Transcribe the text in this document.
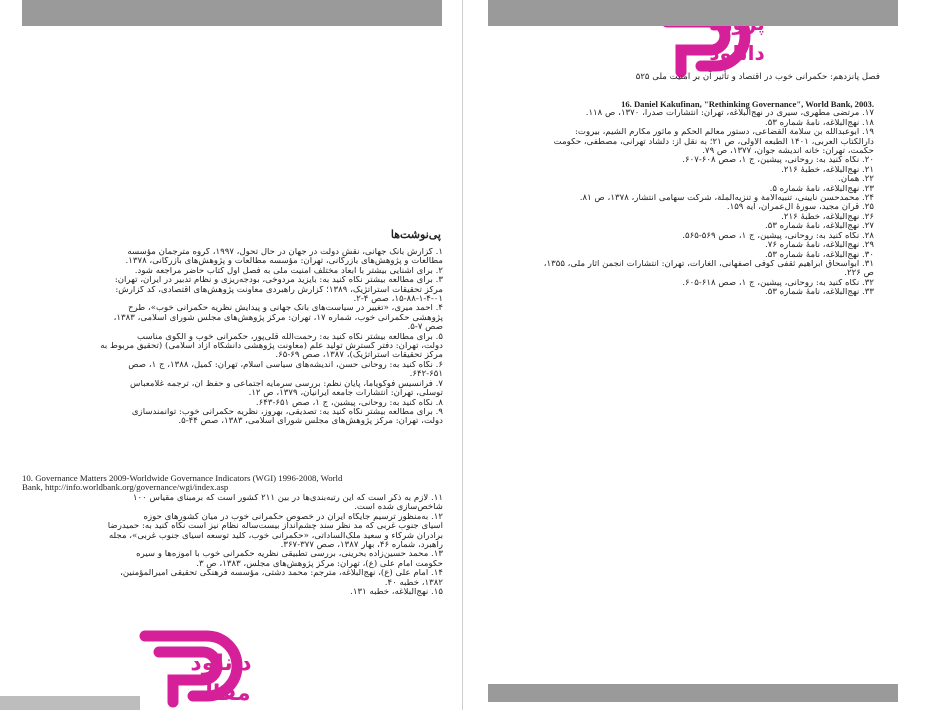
پی‌نوشت‌ها
۱. گزارش بانک جهانی، نقش دولت در جهان در حال تحول، ۱۹۹۷، گروه مترجمان مؤسسه
مطالعات و پژوهش‌های بازرگانی، تهران: مؤسسه مطالعات و پژوهش‌های بازرگانی، ۱۳۷۸.
۲. برای آشنایی بیشتر با ابعاد مختلف امنیت ملی به فصل اول کتاب حاضر مراجعه شود.
۳. برای مطالعه بیشتر نگاه کنید به: بایزید مردوخی، بودجه‌ریزی و نظام تدبیر در ایران، تهران:
مرکز تحقیقات استراتژیک، ۱۳۸۹؛ گزارش راهبردی معاونت پژوهش‌های اقتصادی، کد گزارش:
۱۵-۸۸-۱-۴-۰۱، صص ۴-۲.
۴. احمد میری، «تغییر در سیاست‌های بانک جهانی و پیدایش نظریه حکمرانی خوب»، طرح
پژوهشی حکمرانی خوب، شماره ۱۷، تهران: مرکز پژوهش‌های مجلس شورای اسلامی، ۱۳۸۳،
صص ۷-۵.
۵. برای مطالعه بیشتر نگاه کنید به: رحمت‌الله قلی‌پور، حکمرانی خوب و الگوی مناسب
دولت، تهران: دفتر گسترش تولید علم (معاونت پژوهشی دانشگاه آزاد اسلامی) (تحقیق مربوط به
مرکز تحقیقات استراتژیک)، ۱۳۸۷، صص ۶۹-۶۵.
۶. نگاه کنید به: روحانی حسن، اندیشه‌های سیاسی اسلام، تهران: کمیل، ۱۳۸۸، ج ۱، صص
۶۴۲-۶۵۱.
۷. فرانسیس فوکویاما، پایان نظم: بررسی سرمایه اجتماعی و حفظ آن، ترجمه غلامعباس
توسلی، تهران: انتشارات جامعه ایرانیان، ۱۳۷۹، ص ۱۲.
۸. نگاه کنید به: روحانی، پیشین، ج ۱، صص ۶۵۱-۶۴۳.
۹. برای مطالعه بیشتر نگاه کنید به: تصدیقی، بهروز، نظریه حکمرانی خوب: توانمندسازی
دولت، تهران: مرکز پژوهش‌های مجلس شورای اسلامی، ۱۳۸۳، صص ۴۴-۵.
10. Governance Matters 2009-Worldwide Governance Indicators (WGI) 1996-2008, World
Bank, http://info.worldbank.org/governance/wgi/index.asp
۱۱. لازم به ذکر است که این رتبه‌بندی‌ها در بین ۲۱۱ کشور است که برمبنای مقیاس ۱۰۰
شاخص‌سازی شده است.
۱۲. به‌منظور ترسیم جایگاه ایران در خصوص حکمرانی خوب در میان کشورهای حوزه
آسیای جنوب غربی که مد نظر سند چشم‌انداز بیست‌ساله نظام نیز است نگاه کنید به: حمیدرضا
برادران شرکاء و سعید ملک‌الساداتی، «حکمرانی خوب، کلید توسعه آسیای جنوب غربی»، مجله
راهبرد، شماره ۴۶، بهار ۱۳۸۷، صص ۳۷۷-۳۶۷.
۱۳. محمد حسین‌زاده بحرینی، بررسی تطبیقی نظریه حکمرانی خوب با آموزه‌ها و سیره
حکومت امام علی (ع)، تهران: مرکز پژوهش‌های مجلس، ۱۳۸۳، ص ۳.
۱۴. امام علی (ع)، نهج‌البلاغه، مترجم: محمد دشتی، مؤسسه فرهنگی تحقیقی امیرالمؤمنین،
۱۳۸۲، خطبه ۴۰.
۱۵. نهج‌البلاغه، خطبه ۱۳۱.
دانلود
مقاله
دانلود
فصل پانزدهم: حکمرانی خوب در اقتصاد و تأثیر آن بر امنیت ملی ۵۲۵
16. Daniel Kakufinan, "Rethinking Governance", World Bank, 2003.
۱۷. مرتضی مطهری، سیری در نهج‌البلاغه، تهران: انتشارات صدرا، ۱۳۷۰، ص ۱۱۸.
۱۸. نهج‌البلاغه، نامهٔ شماره ۵۳.
۱۹. ابوعبدالله بن سلامة القضاعی، دستور معالم الحکم و مأثور مکارم الشیم، بیروت:
دارالکتاب العربی، ۱۴۰۱ الطبعه الاولی، ص ۲۱؛ به نقل از: دلشاد تهرانی، مصطفی، حکومت
حکمت، تهران: خانه اندیشه جوان، ۱۳۷۷، ص ۷۹.
۲۰. نگاه کنید به: روحانی، پیشین، ج ۱، صص ۶۰۸-۶۰۷.
۲۱. نهج‌البلاغه، خطبهٔ ۲۱۶.
۲۲. همان.
۲۳. نهج‌البلاغه، نامهٔ شماره ۵.
۲۴. محمدحسن نایینی، تنبیه‌الامة و تنزیه‌الملة، شرکت سهامی انتشار، ۱۳۷۸، ص ۸۱.
۲۵. قرآن مجید، سورهٔ آل‌عمران، آیه ۱۵۹.
۲۶. نهج‌البلاغه، خطبهٔ ۲۱۶.
۲۷. نهج‌البلاغه، نامهٔ شماره ۵۳.
۲۸. نگاه کنید به: روحانی، پیشین، ج ۱، صص ۵۶۹-۵۶۵.
۲۹. نهج‌البلاغه، نامهٔ شماره ۷۶.
۳۰. نهج‌البلاغه، نامهٔ شماره ۵۳.
۳۱. ابواسحاق ابراهیم ثقفی کوفی اصفهانی، الغارات، تهران: انتشارات انجمن آثار ملی، ۱۳۵۵،
ص ۲۲۶.
۳۲. نگاه کنید به: روحانی، پیشین، ج ۱، صص ۶۱۸-۶۰۵.
۳۳. نهج‌البلاغه، نامهٔ شماره ۵۳.
